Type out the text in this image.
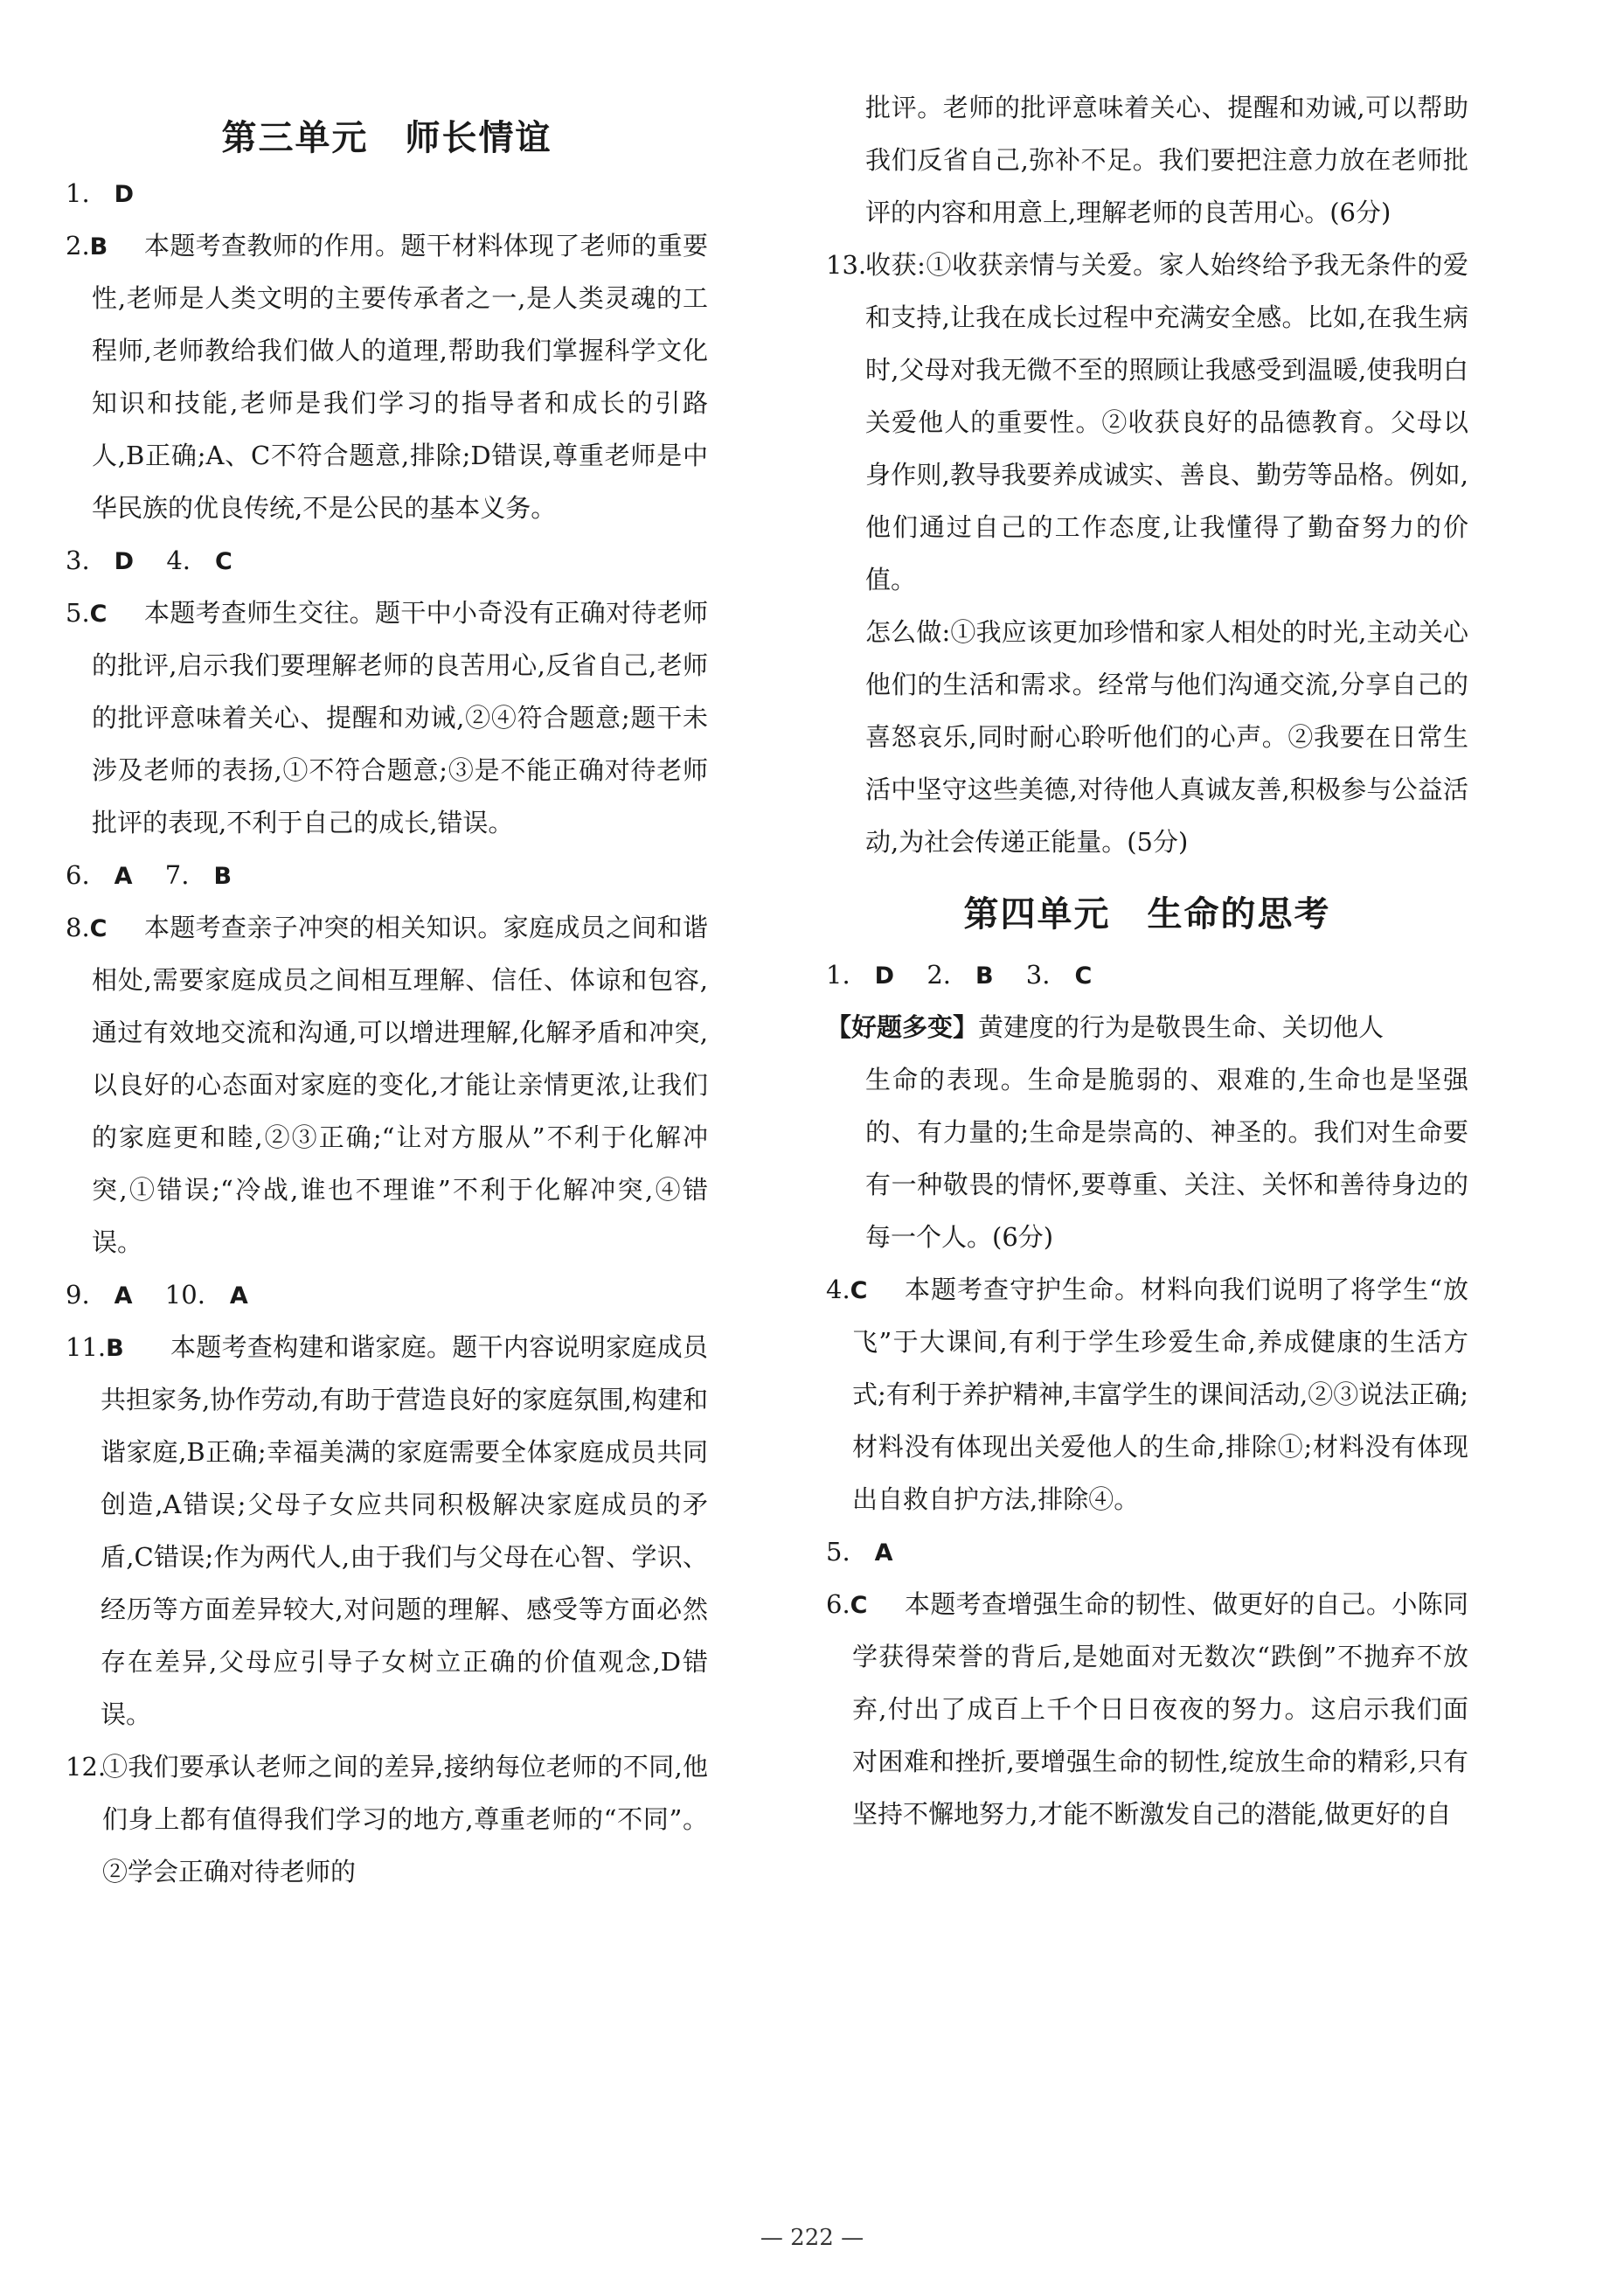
第三单元　师长情谊
1. D
2.B	本题考查教师的作用。题干材料体现了老师的重要性,老师是人类文明的主要传承者之一,是人类灵魂的工程师,老师教给我们做人的道理,帮助我们掌握科学文化知识和技能,老师是我们学习的指导者和成长的引路人,B正确;A、C不符合题意,排除;D错误,尊重老师是中华民族的优良传统,不是公民的基本义务。
3. D 4. C
5.C	本题考查师生交往。题干中小奇没有正确对待老师的批评,启示我们要理解老师的良苦用心,反省自己,老师的批评意味着关心、提醒和劝诫,②④符合题意;题干未涉及老师的表扬,①不符合题意;③是不能正确对待老师批评的表现,不利于自己的成长,错误。
6. A 7. B
8.C	本题考查亲子冲突的相关知识。家庭成员之间和谐相处,需要家庭成员之间相互理解、信任、体谅和包容,通过有效地交流和沟通,可以增进理解,化解矛盾和冲突,以良好的心态面对家庭的变化,才能让亲情更浓,让我们的家庭更和睦,②③正确;“让对方服从”不利于化解冲突,①错误;“冷战,谁也不理谁”不利于化解冲突,④错误。
9. A 10. A
11.B	本题考查构建和谐家庭。题干内容说明家庭成员共担家务,协作劳动,有助于营造良好的家庭氛围,构建和谐家庭,B正确;幸福美满的家庭需要全体家庭成员共同创造,A错误;父母子女应共同积极解决家庭成员的矛盾,C错误;作为两代人,由于我们与父母在心智、学识、经历等方面差异较大,对问题的理解、感受等方面必然存在差异,父母应引导子女树立正确的价值观念,D错误。
12.
①我们要承认老师之间的差异,接纳每位老师的不同,他们身上都有值得我们学习的地方,尊重老师的“不同”。②学会正确对待老师的
批评。老师的批评意味着关心、提醒和劝诫,可以帮助我们反省自己,弥补不足。我们要把注意力放在老师批评的内容和用意上,理解老师的良苦用心。(6分)
13.
收获:①收获亲情与关爱。家人始终给予我无条件的爱和支持,让我在成长过程中充满安全感。比如,在我生病时,父母对我无微不至的照顾让我感受到温暖,使我明白关爱他人的重要性。②收获良好的品德教育。父母以身作则,教导我要养成诚实、善良、勤劳等品格。例如,他们通过自己的工作态度,让我懂得了勤奋努力的价值。
怎么做:①我应该更加珍惜和家人相处的时光,主动关心他们的生活和需求。经常与他们沟通交流,分享自己的喜怒哀乐,同时耐心聆听他们的心声。②我要在日常生活中坚守这些美德,对待他人真诚友善,积极参与公益活动,为社会传递正能量。(5分)
第四单元　生命的思考
1. D 2. B 3. C
【好题多变】黄建度的行为是敬畏生命、关切他人
生命的表现。生命是脆弱的、艰难的,生命也是坚强的、有力量的;生命是崇高的、神圣的。我们对生命要有一种敬畏的情怀,要尊重、关注、关怀和善待身边的每一个人。(6分)
4.C	本题考查守护生命。材料向我们说明了将学生“放飞”于大课间,有利于学生珍爱生命,养成健康的生活方式;有利于养护精神,丰富学生的课间活动,②③说法正确;材料没有体现出关爱他人的生命,排除①;材料没有体现出自救自护方法,排除④。
5. A
6.C	本题考查增强生命的韧性、做更好的自己。小陈同学获得荣誉的背后,是她面对无数次“跌倒”不抛弃不放弃,付出了成百上千个日日夜夜的努力。这启示我们面对困难和挫折,要增强生命的韧性,绽放生命的精彩,只有坚持不懈地努力,才能不断激发自己的潜能,做更好的自
— 222 —
